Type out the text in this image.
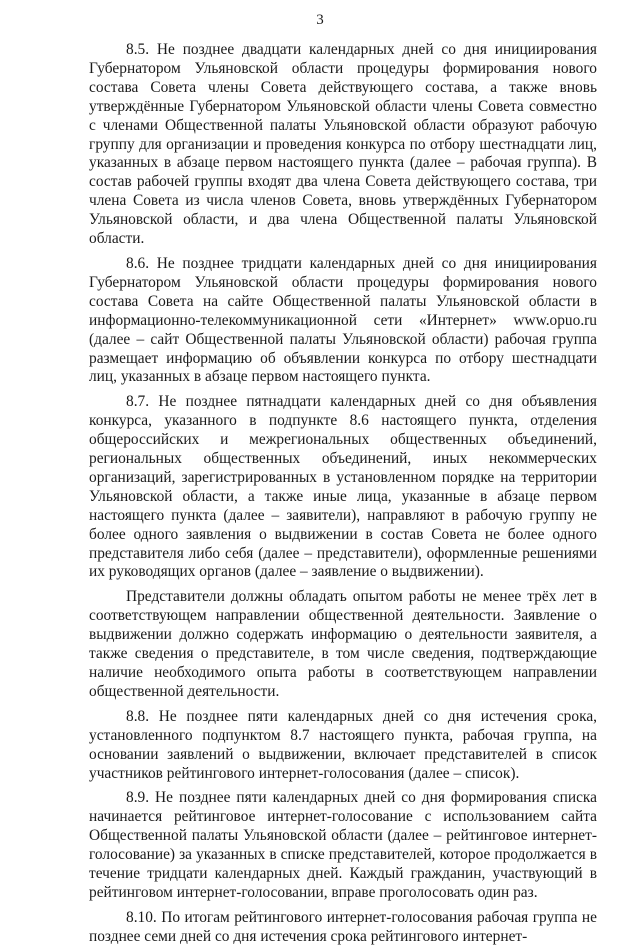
3

8.5. Не позднее двадцати календарных дней со дня инициирования Губернатором Ульяновской области процедуры формирования нового состава Совета члены Совета действующего состава, а также вновь утверждённые Губернатором Ульяновской области члены Совета совместно с членами Общественной палаты Ульяновской области образуют рабочую группу для организации и проведения конкурса по отбору шестнадцати лиц, указанных в абзаце первом настоящего пункта (далее – рабочая группа). В состав рабочей группы входят два члена Совета действующего состава, три члена Совета из числа членов Совета, вновь утверждённых Губернатором Ульяновской области, и два члена Общественной палаты Ульяновской области.

8.6. Не позднее тридцати календарных дней со дня инициирования Губернатором Ульяновской области процедуры формирования нового состава Совета на сайте Общественной палаты Ульяновской области в информационно-телекоммуникационной сети «Интернет» www.opuo.ru (далее – сайт Общественной палаты Ульяновской области) рабочая группа размещает информацию об объявлении конкурса по отбору шестнадцати лиц, указанных в абзаце первом настоящего пункта.

8.7. Не позднее пятнадцати календарных дней со дня объявления конкурса, указанного в подпункте 8.6 настоящего пункта, отделения общероссийских и межрегиональных общественных объединений, региональных общественных объединений, иных некоммерческих организаций, зарегистрированных в установленном порядке на территории Ульяновской области, а также иные лица, указанные в абзаце первом настоящего пункта (далее – заявители), направляют в рабочую группу не более одного заявления о выдвижении в состав Совета не более одного представителя либо себя (далее – представители), оформленные решениями их руководящих органов (далее – заявление о выдвижении).

Представители должны обладать опытом работы не менее трёх лет в соответствующем направлении общественной деятельности. Заявление о выдвижении должно содержать информацию о деятельности заявителя, а также сведения о представителе, в том числе сведения, подтверждающие наличие необходимого опыта работы в соответствующем направлении общественной деятельности.

8.8. Не позднее пяти календарных дней со дня истечения срока, установленного подпунктом 8.7 настоящего пункта, рабочая группа, на основании заявлений о выдвижении, включает представителей в список участников рейтингового интернет-голосования (далее – список).

8.9. Не позднее пяти календарных дней со дня формирования списка начинается рейтинговое интернет-голосование с использованием сайта Общественной палаты Ульяновской области (далее – рейтинговое интернет-голосование) за указанных в списке представителей, которое продолжается в течение тридцати календарных дней. Каждый гражданин, участвующий в рейтинговом интернет-голосовании, вправе проголосовать один раз.

8.10. По итогам рейтингового интернет-голосования рабочая группа не позднее семи дней со дня истечения срока рейтингового интернет-
